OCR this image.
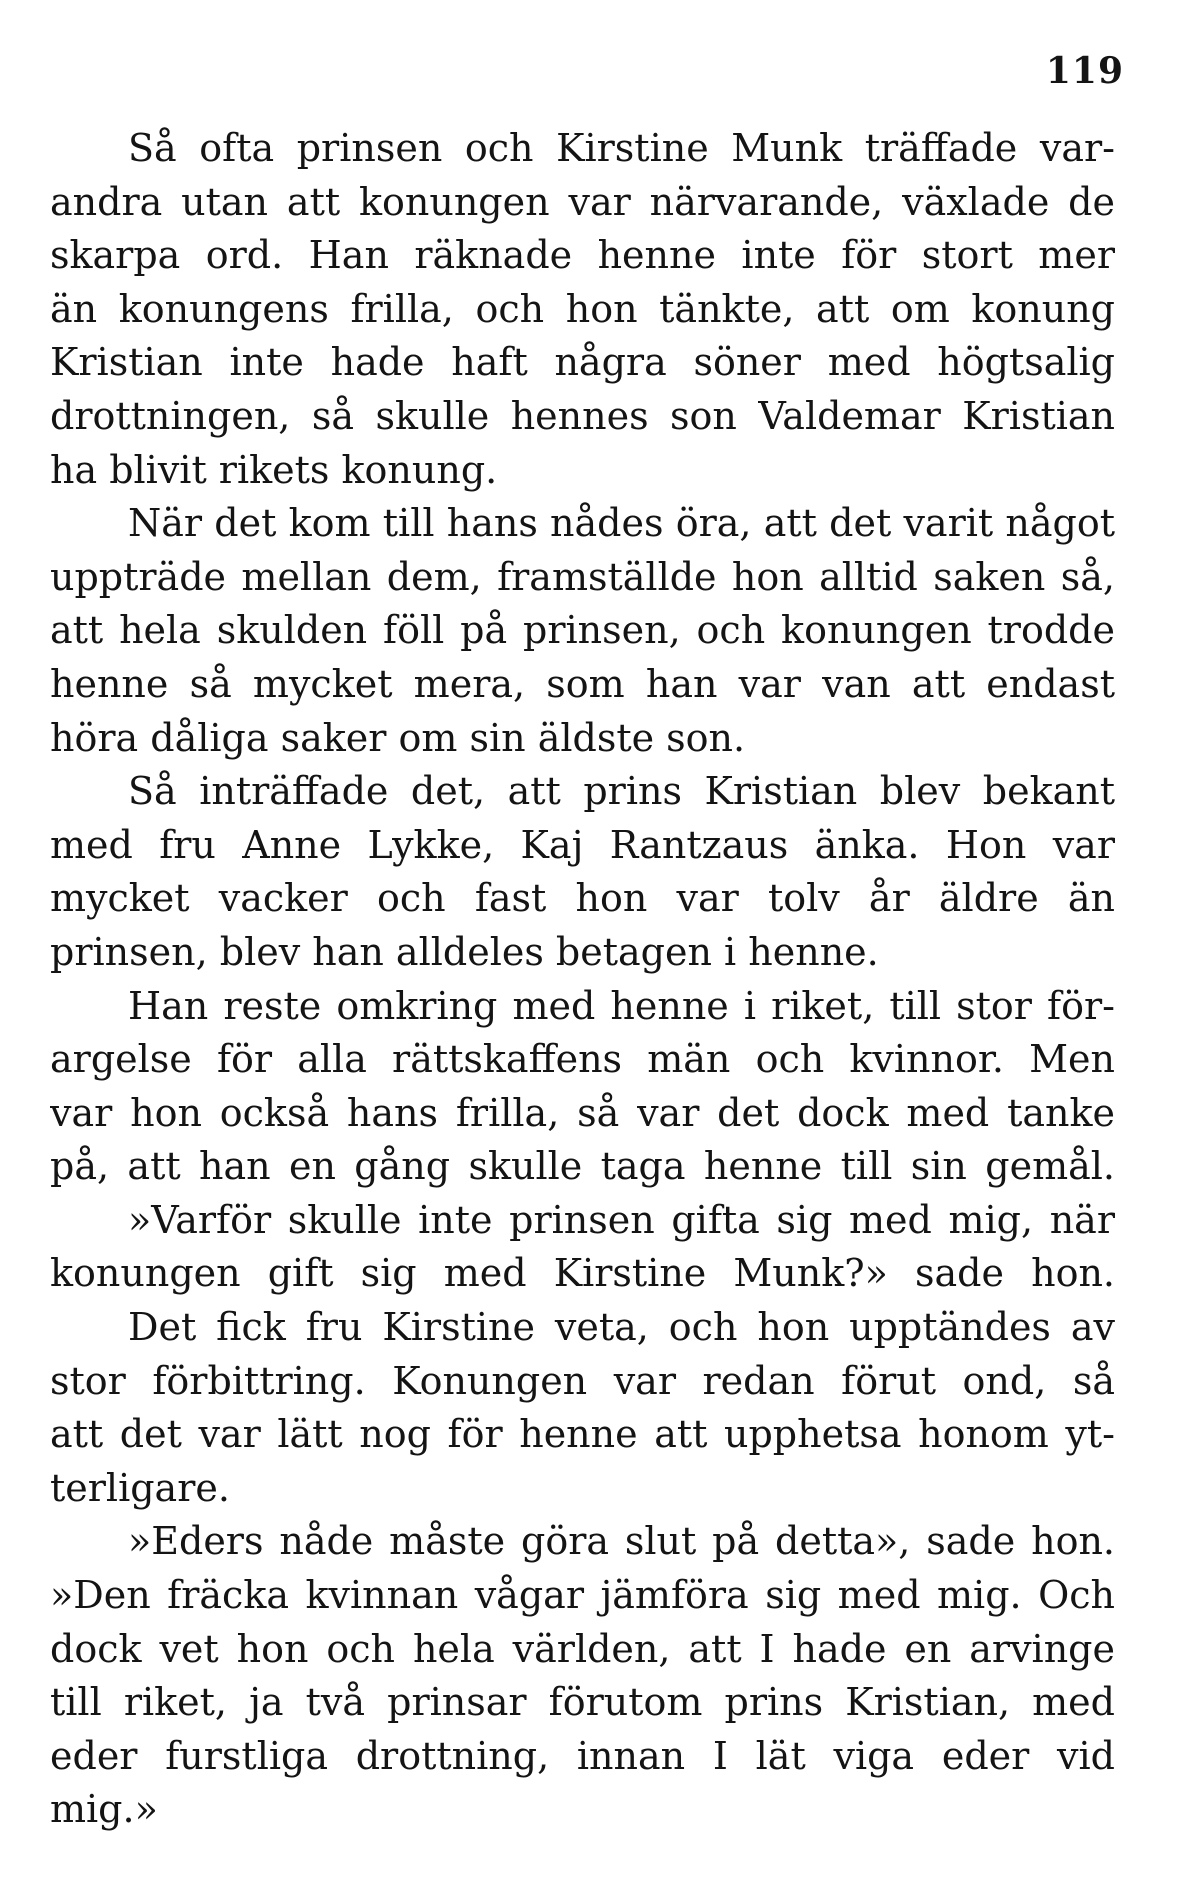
119
Så ofta prinsen och Kirstine Munk träffade var-
andra utan att konungen var närvarande, växlade de
skarpa ord. Han räknade henne inte för stort mer
än konungens frilla, och hon tänkte, att om konung
Kristian inte hade haft några söner med högtsalig
drottningen, så skulle hennes son Valdemar Kristian
ha blivit rikets konung.
När det kom till hans nådes öra, att det varit något
uppträde mellan dem, framställde hon alltid saken så,
att hela skulden föll på prinsen, och konungen trodde
henne så mycket mera, som han var van att endast
höra dåliga saker om sin äldste son.
Så inträffade det, att prins Kristian blev bekant
med fru Anne Lykke, Kaj Rantzaus änka. Hon var
mycket vacker och fast hon var tolv år äldre än
prinsen, blev han alldeles betagen i henne.
Han reste omkring med henne i riket, till stor för-
argelse för alla rättskaffens män och kvinnor. Men
var hon också hans frilla, så var det dock med tanke
på, att han en gång skulle taga henne till sin gemål.
»Varför skulle inte prinsen gifta sig med mig, när
konungen gift sig med Kirstine Munk?» sade hon.
Det fick fru Kirstine veta, och hon upptändes av
stor förbittring. Konungen var redan förut ond, så
att det var lätt nog för henne att upphetsa honom yt-
terligare.
»Eders nåde måste göra slut på detta», sade hon.
»Den fräcka kvinnan vågar jämföra sig med mig. Och
dock vet hon och hela världen, att I hade en arvinge
till riket, ja två prinsar förutom prins Kristian, med
eder furstliga drottning, innan I lät viga eder vid
mig.»
